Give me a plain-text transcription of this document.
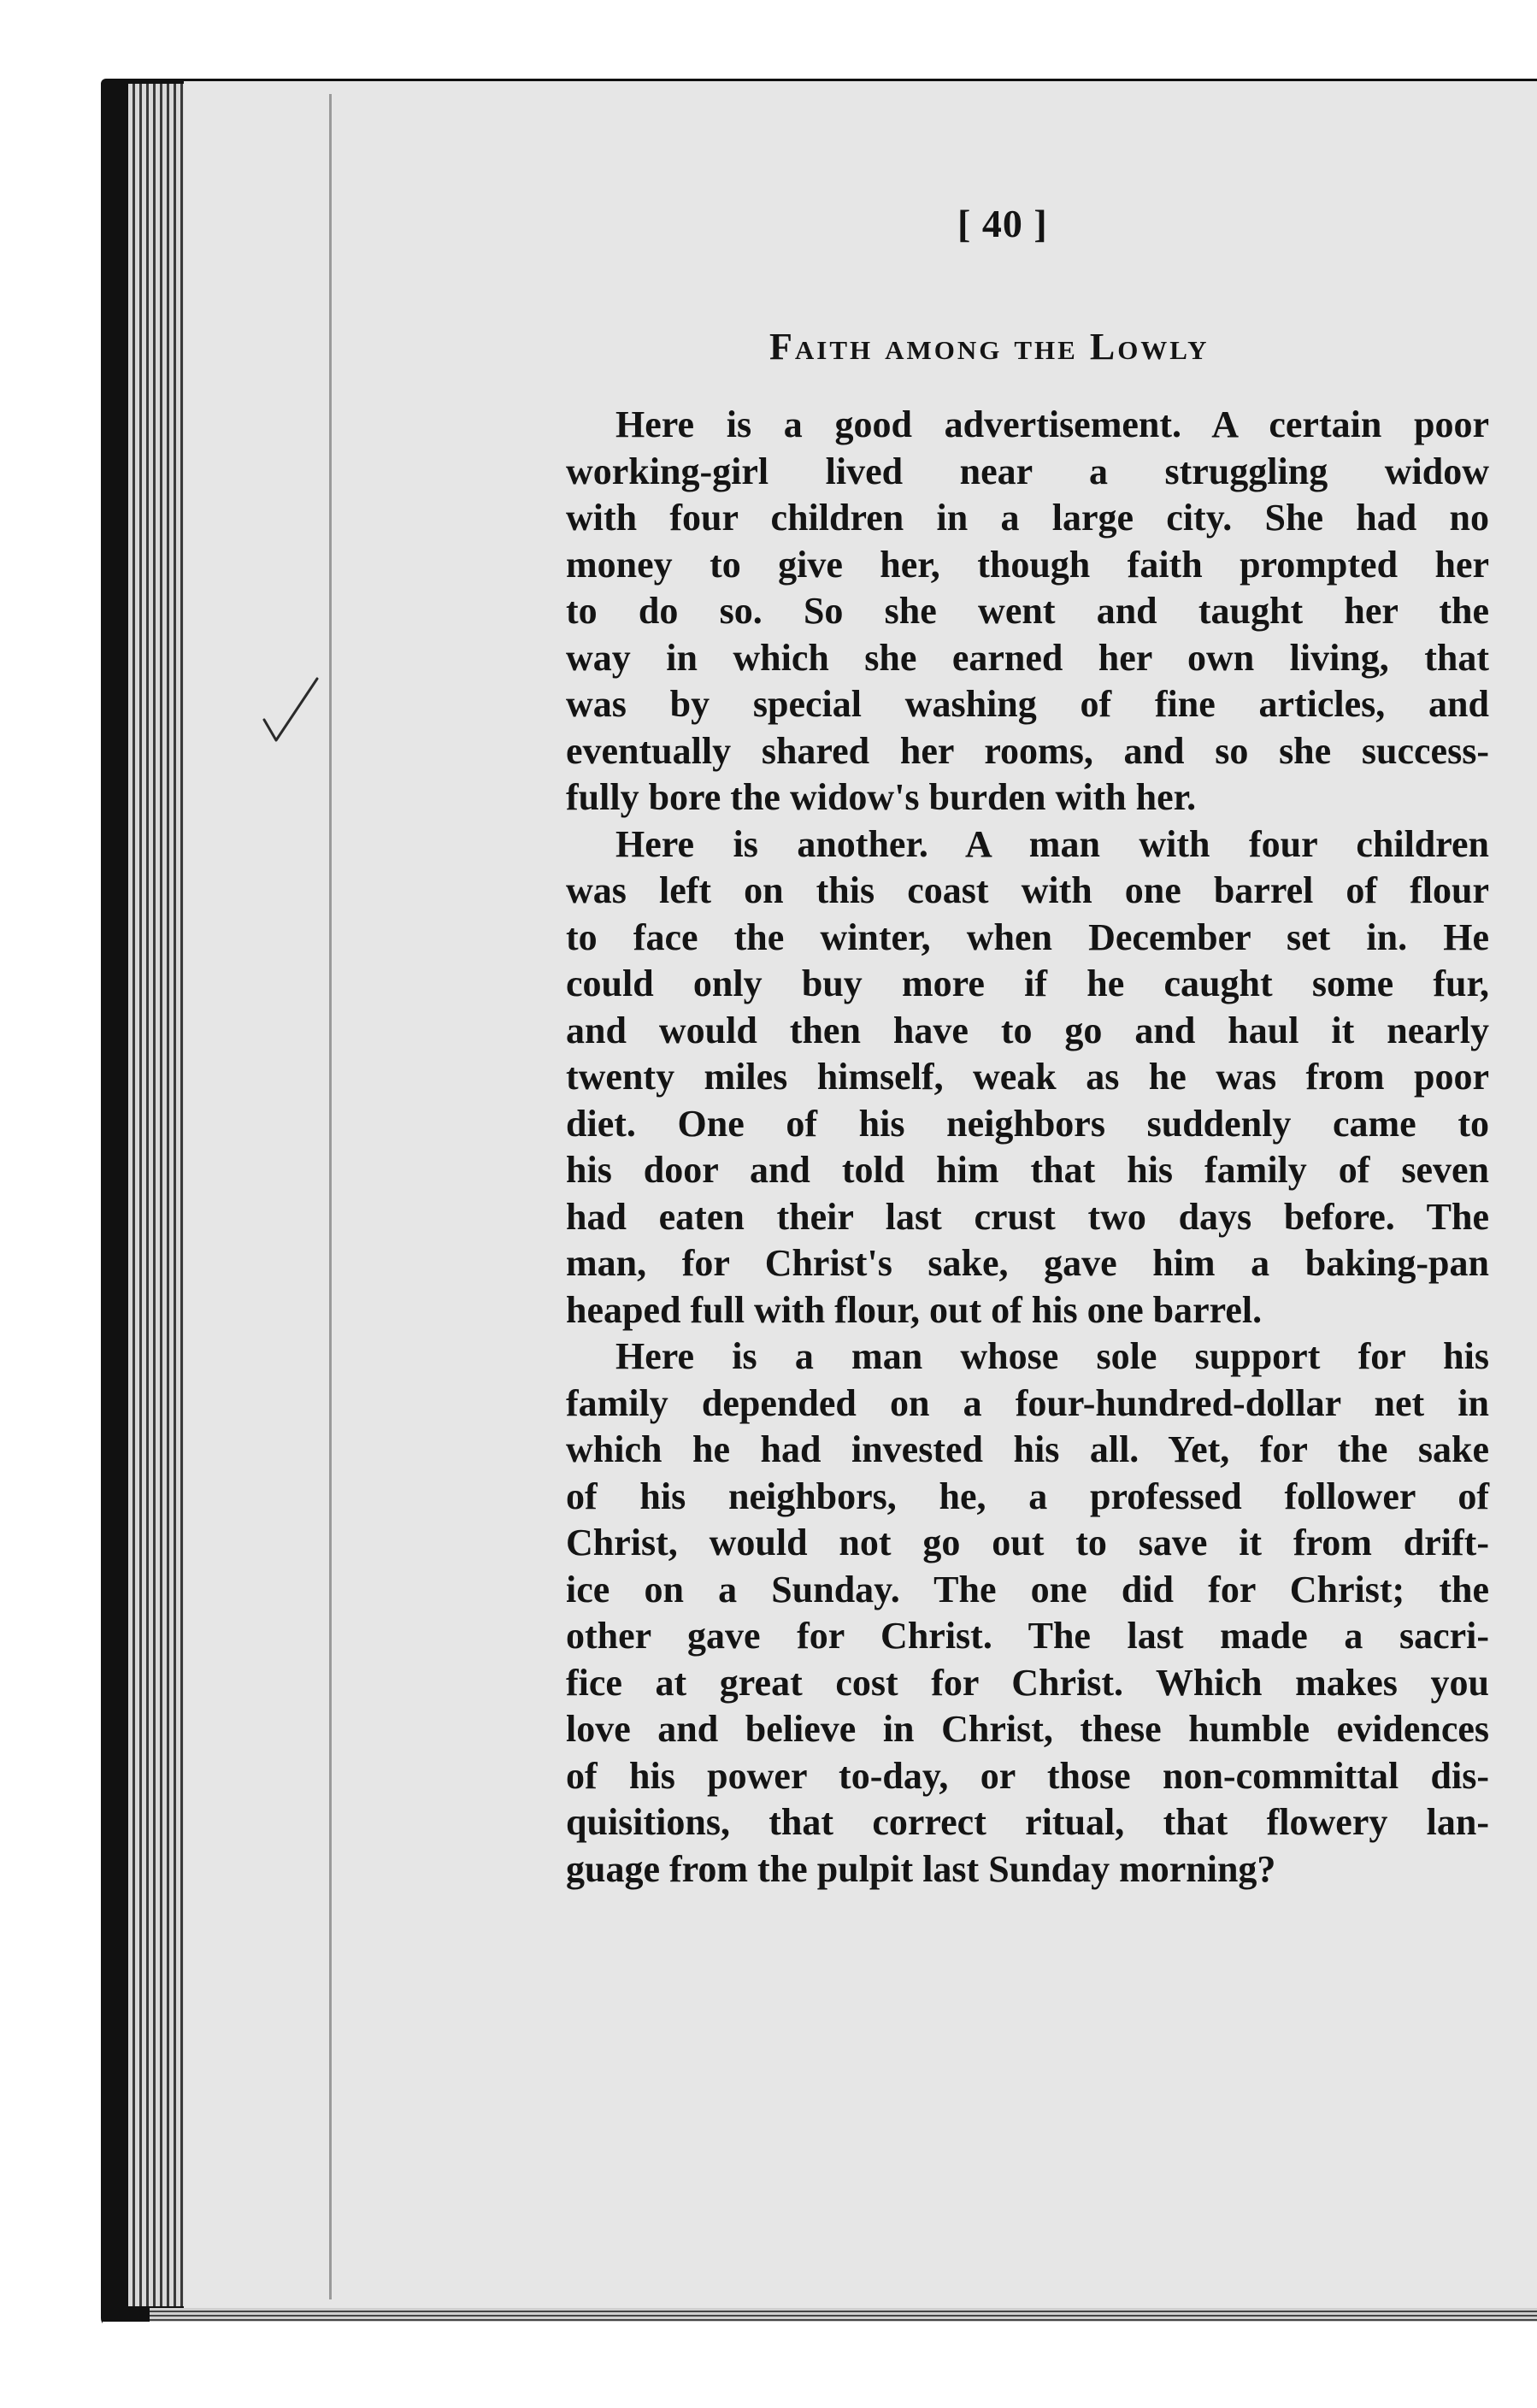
[ 40 ]
Faith among the Lowly
Here is a good advertisement. A certain poor
working-girl lived near a struggling widow
with four children in a large city. She had no
money to give her, though faith prompted her
to do so. So she went and taught her the
way in which she earned her own living, that
was by special washing of fine articles, and
eventually shared her rooms, and so she success-
fully bore the widow's burden with her.
Here is another. A man with four children
was left on this coast with one barrel of flour
to face the winter, when December set in. He
could only buy more if he caught some fur,
and would then have to go and haul it nearly
twenty miles himself, weak as he was from poor
diet. One of his neighbors suddenly came to
his door and told him that his family of seven
had eaten their last crust two days before. The
man, for Christ's sake, gave him a baking-pan
heaped full with flour, out of his one barrel.
Here is a man whose sole support for his
family depended on a four-hundred-dollar net in
which he had invested his all. Yet, for the sake
of his neighbors, he, a professed follower of
Christ, would not go out to save it from drift-
ice on a Sunday. The one did for Christ; the
other gave for Christ. The last made a sacri-
fice at great cost for Christ. Which makes you
love and believe in Christ, these humble evidences
of his power to-day, or those non-committal dis-
quisitions, that correct ritual, that flowery lan-
guage from the pulpit last Sunday morning?
